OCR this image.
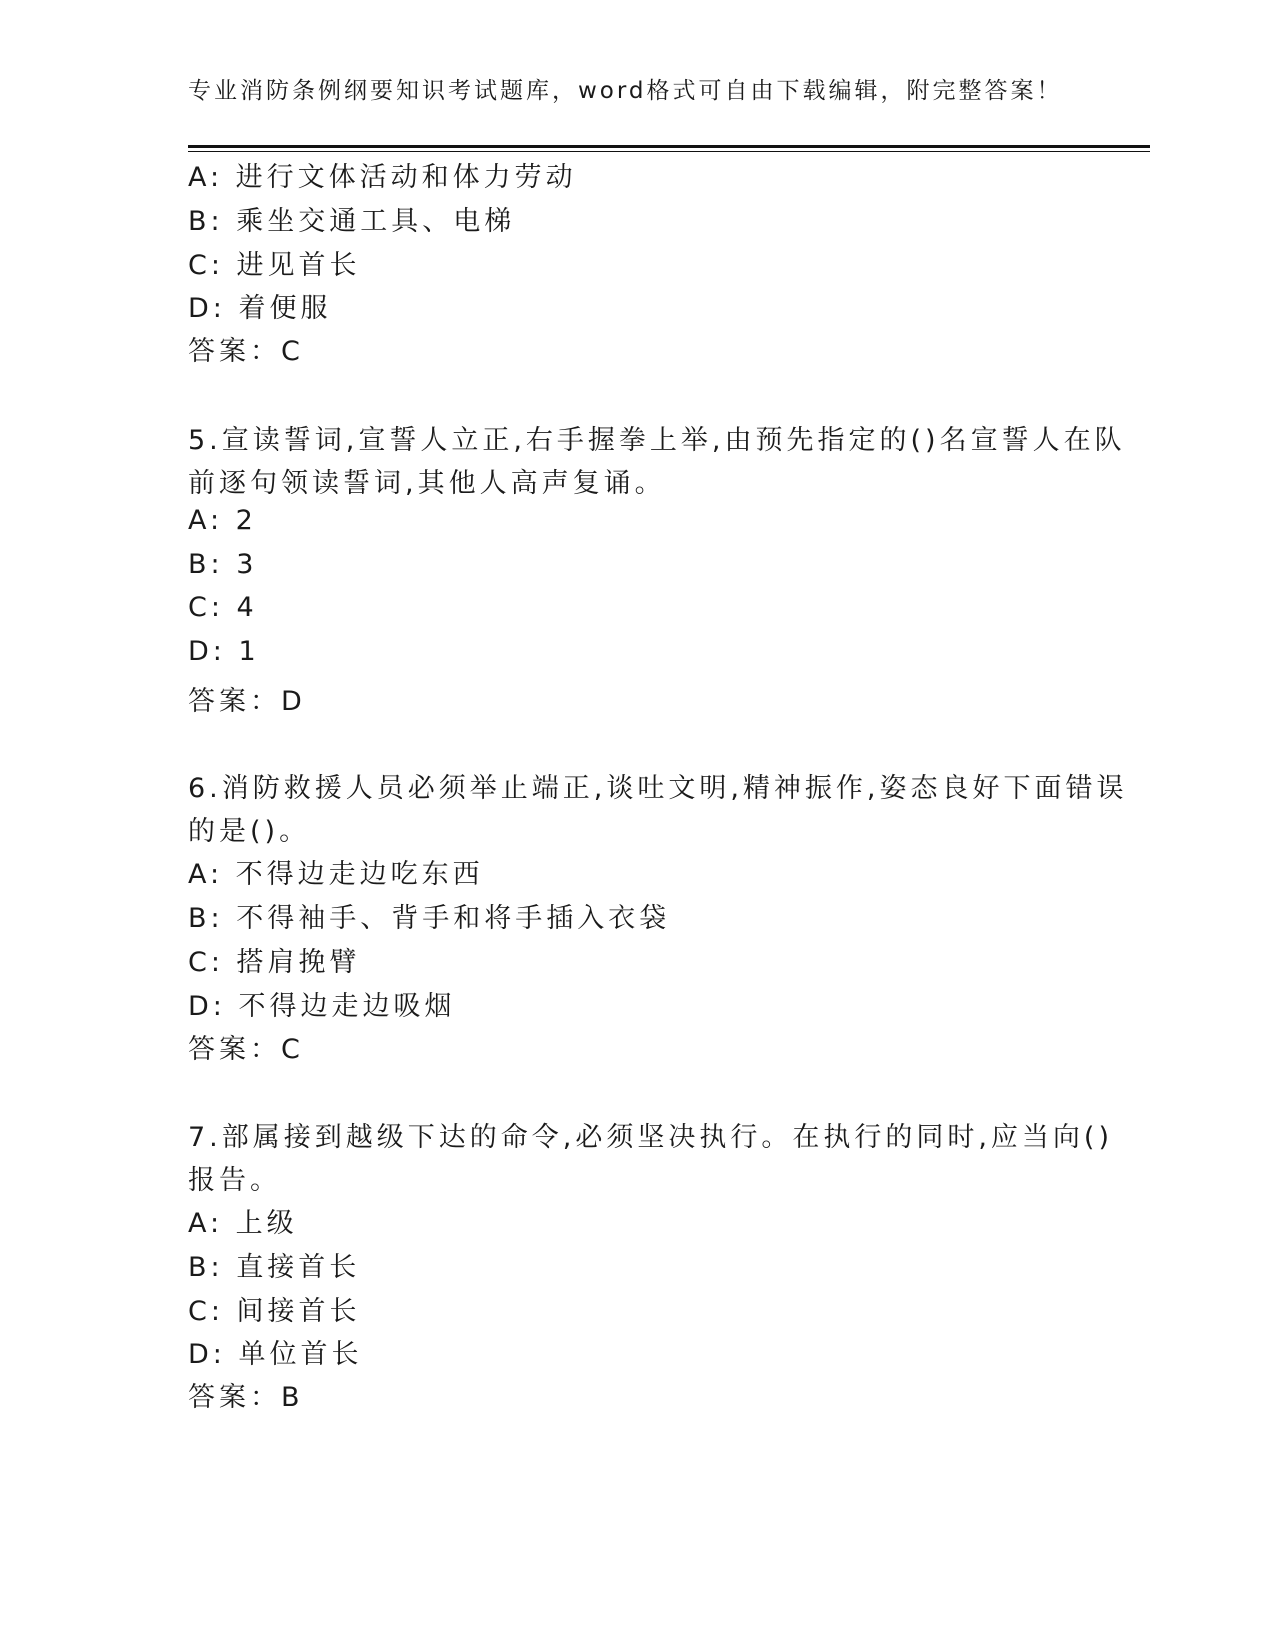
专业消防条例纲要知识考试题库，word格式可自由下载编辑，附完整答案！
A: 进行文体活动和体力劳动
B: 乘坐交通工具、电梯
C: 进见首长
D: 着便服
答案：C
5.宣读誓词,宣誓人立正,右手握拳上举,由预先指定的()名宣誓人在队
前逐句领读誓词,其他人高声复诵。
A: 2
B: 3
C: 4
D: 1
答案：D
6.消防救援人员必须举止端正,谈吐文明,精神振作,姿态良好下面错误
的是()。
A: 不得边走边吃东西
B: 不得袖手、背手和将手插入衣袋
C: 搭肩挽臂
D: 不得边走边吸烟
答案：C
7.部属接到越级下达的命令,必须坚决执行。在执行的同时,应当向()
报告。
A: 上级
B: 直接首长
C: 间接首长
D: 单位首长
答案：B
